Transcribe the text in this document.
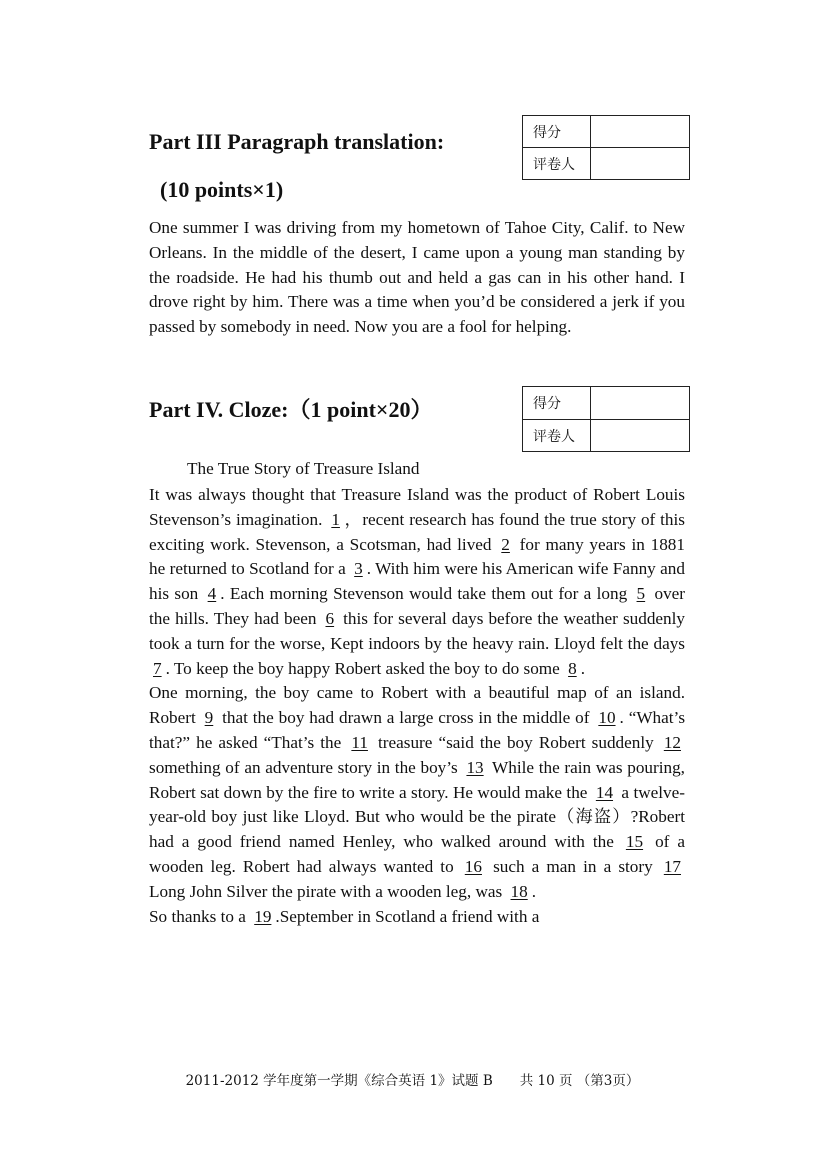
Part III Paragraph translation:
(10 points×1)
得分	
评卷人	
One summer I was driving from my hometown of Tahoe City, Calif. to New Orleans. In the middle of the desert, I came upon a young man standing by the roadside. He had his thumb out and held a gas can in his other hand. I drove right by him. There was a time when you’d be considered a jerk if you passed by somebody in need. Now you are a fool for helping.
Part IV. Cloze:（1 point×20）	得分	
评卷人	
The True Story of Treasure Island

It was always thought that Treasure Island was the product of Robert Louis Stevenson’s imagination. 1 ，recent research has found the true story of this exciting work. Stevenson, a Scotsman, had lived 2 for many years in 1881 he returned to Scotland for a 3 . With him were his American wife Fanny and his son 4 . Each morning Stevenson would take them out for a long 5 over the hills. They had been 6 this for several days before the weather suddenly took a turn for the worse, Kept indoors by the heavy rain. Lloyd felt the days 7 . To keep the boy happy Robert asked the boy to do some 8 .

One morning, the boy came to Robert with a beautiful map of an island. Robert 9 that the boy had drawn a large cross in the middle of 10 . “What’s that?” he asked “That’s the 11 treasure “said the boy Robert suddenly 12 something of an adventure story in the boy’s 13 While the rain was pouring, Robert sat down by the fire to write a story. He would make the 14 a twelve-year-old boy just like Lloyd. But who would be the pirate（海盗）?Robert had a good friend named Henley, who walked around with the 15 of a wooden leg. Robert had always wanted to 16 such a man in a story 17 Long John Silver the pirate with a wooden leg, was 18 .

So thanks to a 19 .September in Scotland a friend with a

2011-2012 学年度第一学期《综合英语 1》试题 B　　共 10 页 （第3页）
